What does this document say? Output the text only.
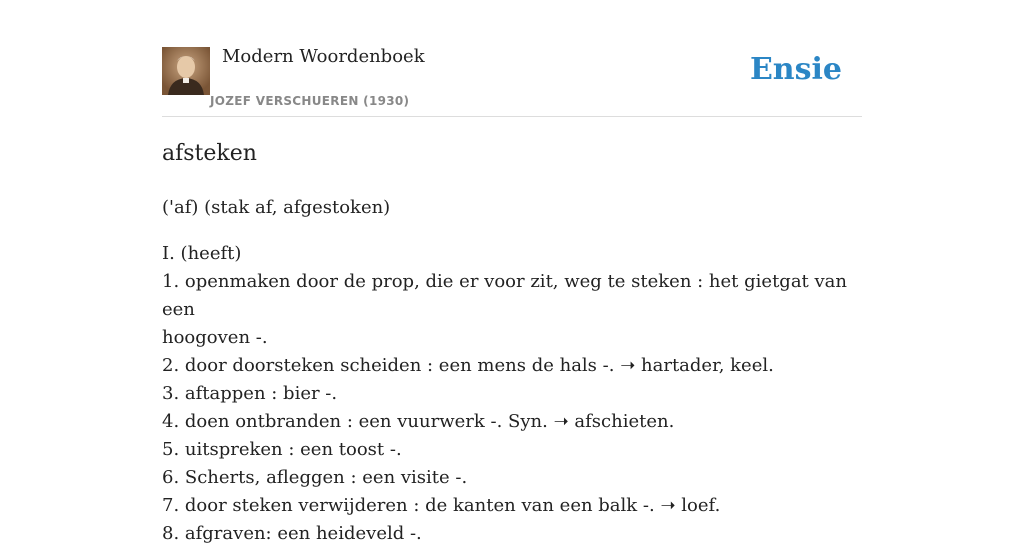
Modern Woordenboek
JOZEF VERSCHUEREN (1930)
Ensie
afsteken
('af) (stak af, afgestoken)
I. (heeft)
1. openmaken door de prop, die er voor zit, weg te steken : het gietgat van een
hoogoven -.
2. door doorsteken scheiden : een mens de hals -. ➝ hartader, keel.
3. aftappen : bier -.
4. doen ontbranden : een vuurwerk -. Syn. ➝ afschieten.
5. uitspreken : een toost -.
6. Scherts, afleggen : een visite -.
7. door steken verwijderen : de kanten van een balk -. ➝ loef.
8. afgraven: een heideveld -.
